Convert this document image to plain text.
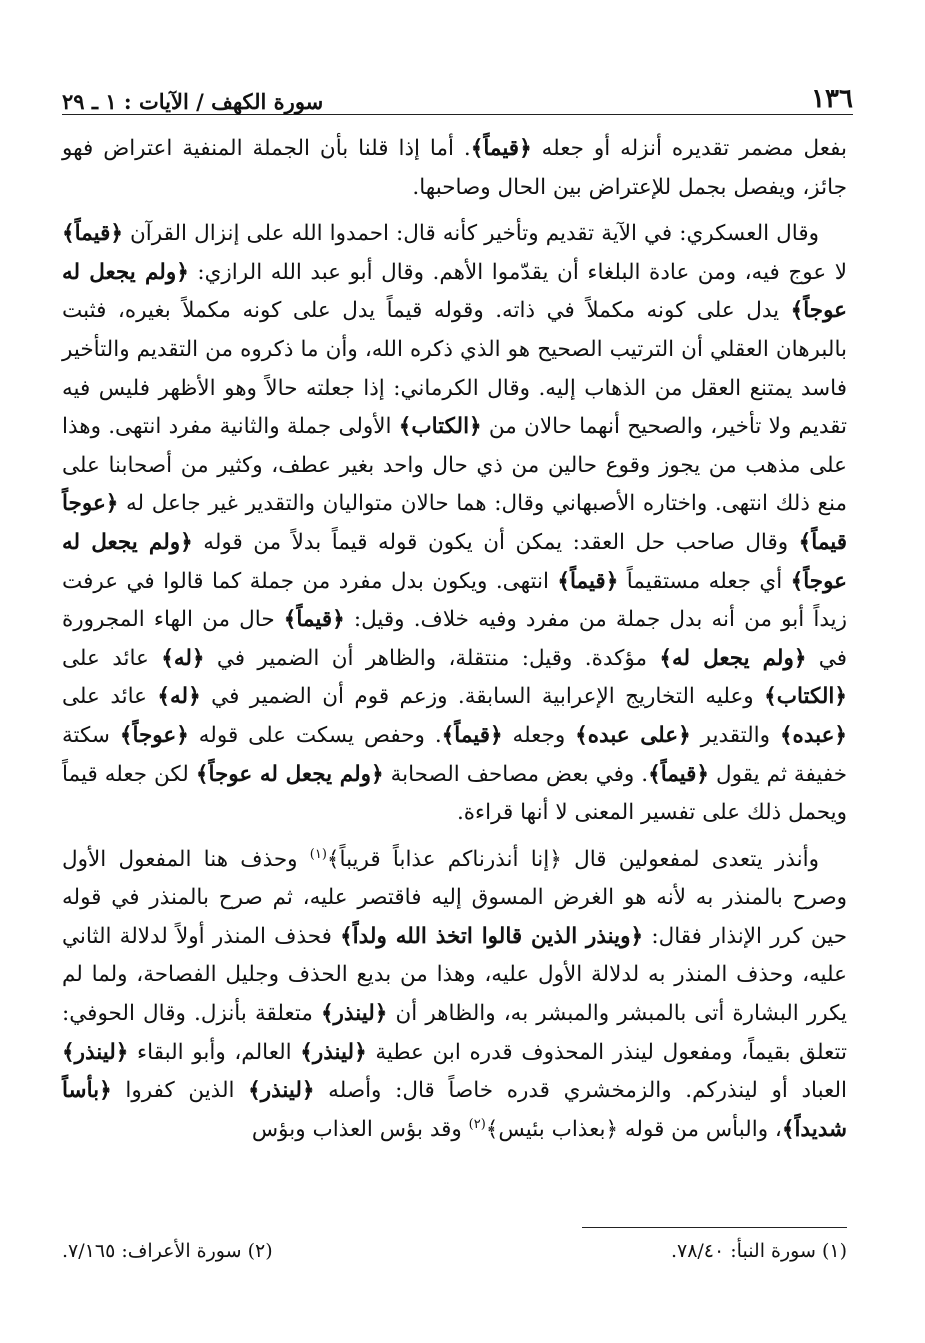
١٣٦
سورة الكهف / الآيات : ١ ـ ٢٩

بفعل مضمر تقديره أنزله أو جعله ﴿قيماً﴾. أما إذا قلنا بأن الجملة المنفية اعتراض فهو جائز، ويفصل بجمل للإعتراض بين الحال وصاحبها.

وقال العسكري: في الآية تقديم وتأخير كأنه قال: احمدوا الله على إنزال القرآن ﴿قيماً﴾ لا عوج فيه، ومن عادة البلغاء أن يقدّموا الأهم. وقال أبو عبد الله الرازي: ﴿ولم يجعل له عوجاً﴾ يدل على كونه مكملاً في ذاته. وقوله قيماً يدل على كونه مكملاً بغيره، فثبت بالبرهان العقلي أن الترتيب الصحيح هو الذي ذكره الله، وأن ما ذكروه من التقديم والتأخير فاسد يمتنع العقل من الذهاب إليه. وقال الكرماني: إذا جعلته حالاً وهو الأظهر فليس فيه تقديم ولا تأخير، والصحيح أنهما حالان من ﴿الكتاب﴾ الأولى جملة والثانية مفرد انتهى. وهذا على مذهب من يجوز وقوع حالين من ذي حال واحد بغير عطف، وكثير من أصحابنا على منع ذلك انتهى. واختاره الأصبهاني وقال: هما حالان متواليان والتقدير غير جاعل له ﴿عوجاً قيماً﴾ وقال صاحب حل العقد: يمكن أن يكون قوله قيماً بدلاً من قوله ﴿ولم يجعل له عوجاً﴾ أي جعله مستقيماً ﴿قيماً﴾ انتهى. ويكون بدل مفرد من جملة كما قالوا في عرفت زيداً أبو من أنه بدل جملة من مفرد وفيه خلاف. وقيل: ﴿قيماً﴾ حال من الهاء المجرورة في ﴿ولم يجعل له﴾ مؤكدة. وقيل: منتقلة، والظاهر أن الضمير في ﴿له﴾ عائد على ﴿الكتاب﴾ وعليه التخاريج الإعرابية السابقة. وزعم قوم أن الضمير في ﴿له﴾ عائد على ﴿عبده﴾ والتقدير ﴿على عبده﴾ وجعله ﴿قيماً﴾. وحفص يسكت على قوله ﴿عوجاً﴾ سكتة خفيفة ثم يقول ﴿قيماً﴾. وفي بعض مصاحف الصحابة ﴿ولم يجعل له عوجاً﴾ لكن جعله قيماً ويحمل ذلك على تفسير المعنى لا أنها قراءة.

وأنذر يتعدى لمفعولين قال ﴿إنا أنذرناكم عذاباً قريباً﴾$^{(١)}$ وحذف هنا المفعول الأول وصرح بالمنذر به لأنه هو الغرض المسوق إليه فاقتصر عليه، ثم صرح بالمنذر في قوله حين كرر الإنذار فقال: ﴿وينذر الذين قالوا اتخذ الله ولداً﴾ فحذف المنذر أولاً لدلالة الثاني عليه، وحذف المنذر به لدلالة الأول عليه، وهذا من بديع الحذف وجليل الفصاحة، ولما لم يكرر البشارة أتى بالمبشر والمبشر به، والظاهر أن ﴿لينذر﴾ متعلقة بأنزل. وقال الحوفي: تتعلق بقيماً، ومفعول لينذر المحذوف قدره ابن عطية ﴿لينذر﴾ العالم، وأبو البقاء ﴿لينذر﴾ العباد أو لينذركم. والزمخشري قدره خاصاً قال: وأصله ﴿لينذر﴾ الذين كفروا ﴿بأساً شديداً﴾، والبأس من قوله ﴿بعذاب بئيس﴾$^{(٢)}$ وقد بؤس العذاب وبؤس

(١) سورة النبأ: ٧٨/٤٠.
(٢) سورة الأعراف: ٧/١٦٥.
